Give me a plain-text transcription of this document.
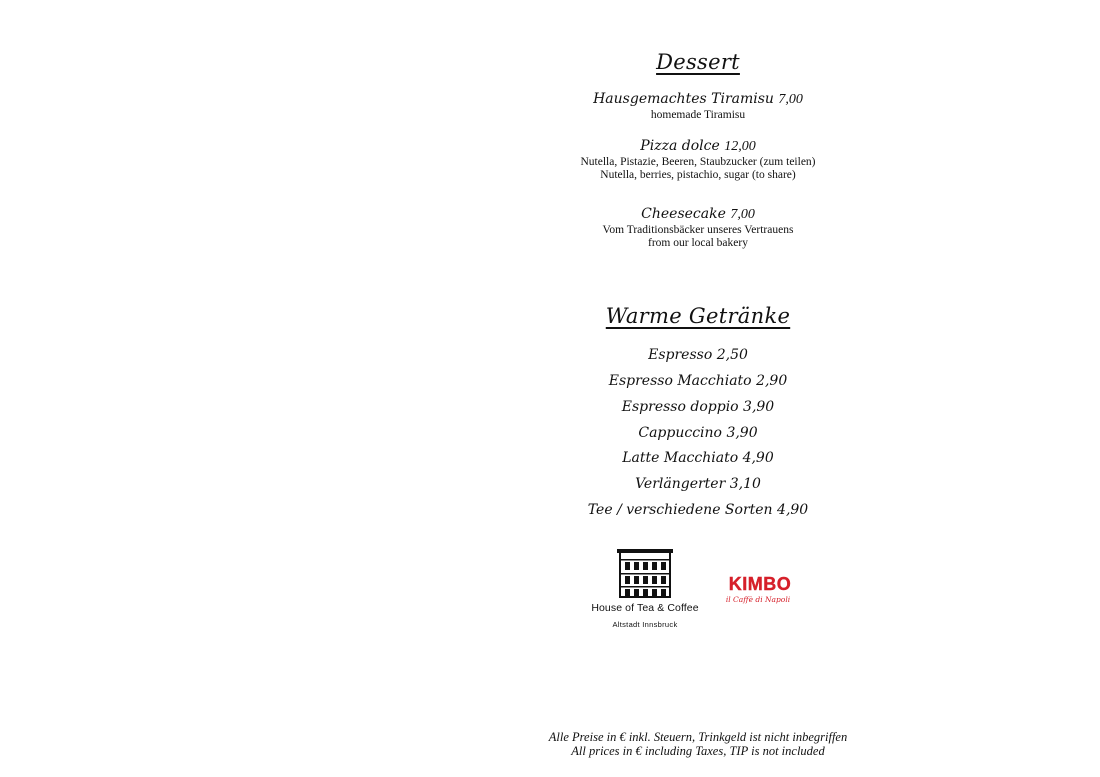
Dessert
Hausgemachtes Tiramisu 7,00
homemade Tiramisu
Pizza dolce 12,00
Nutella, Pistazie, Beeren, Staubzucker (zum teilen)
Nutella, berries, pistachio, sugar (to share)
Cheesecake 7,00
Vom Traditionsbäcker unseres Vertrauens
from our local bakery
Warme Getränke
Espresso 2,50
Espresso Macchiato 2,90
Espresso doppio 3,90
Cappuccino 3,90
Latte Macchiato 4,90
Verlängerter 3,10
Tee / verschiedene Sorten 4,90
House of Tea & Coffee
Altstadt Innsbruck
KIMBO
il Caffè di Napoli
Alle Preise in € inkl. Steuern, Trinkgeld ist nicht inbegriffen
All prices in € including Taxes, TIP is not included
